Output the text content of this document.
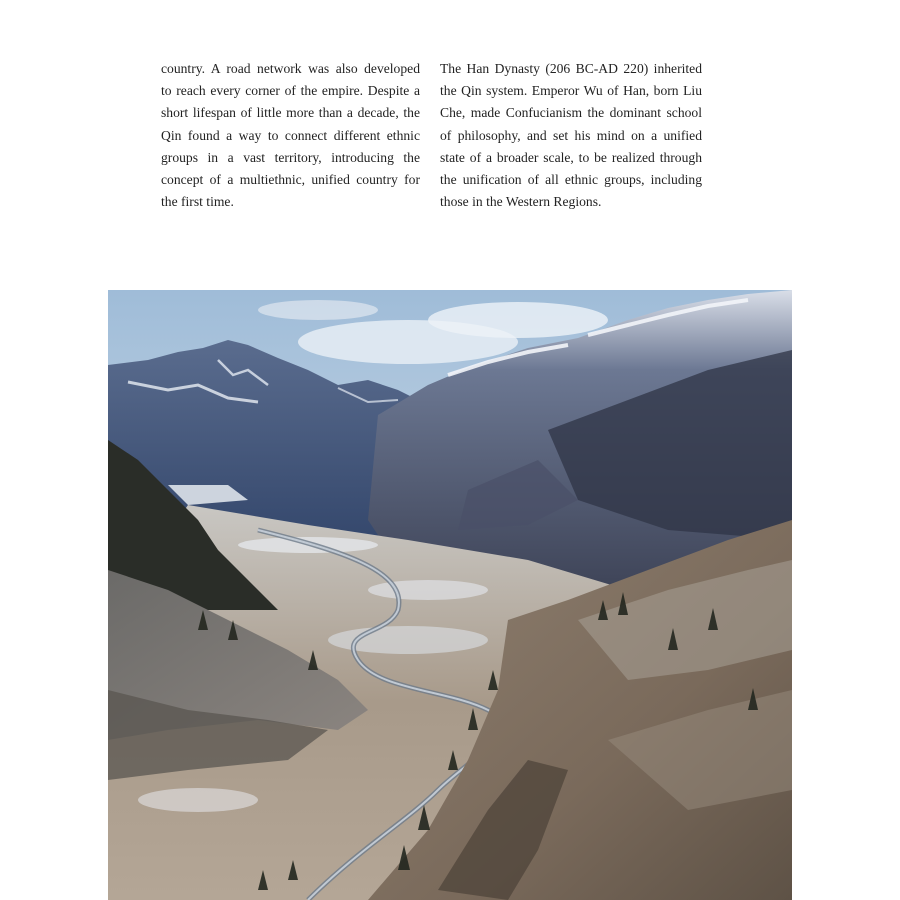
country. A road network was also developed
to reach every corner of the empire. Despite a
short lifespan of little more than a decade, the
Qin found a way to connect different ethnic
groups in a vast territory, introducing the
concept of a multiethnic, unified country for
the first time.
The Han Dynasty (206 BC-AD 220) inherited
the Qin system. Emperor Wu of Han, born Liu
Che, made Confucianism the dominant school
of philosophy, and set his mind on a unified
state of a broader scale, to be realized through
the unification of all ethnic groups, including
those in the Western Regions.
